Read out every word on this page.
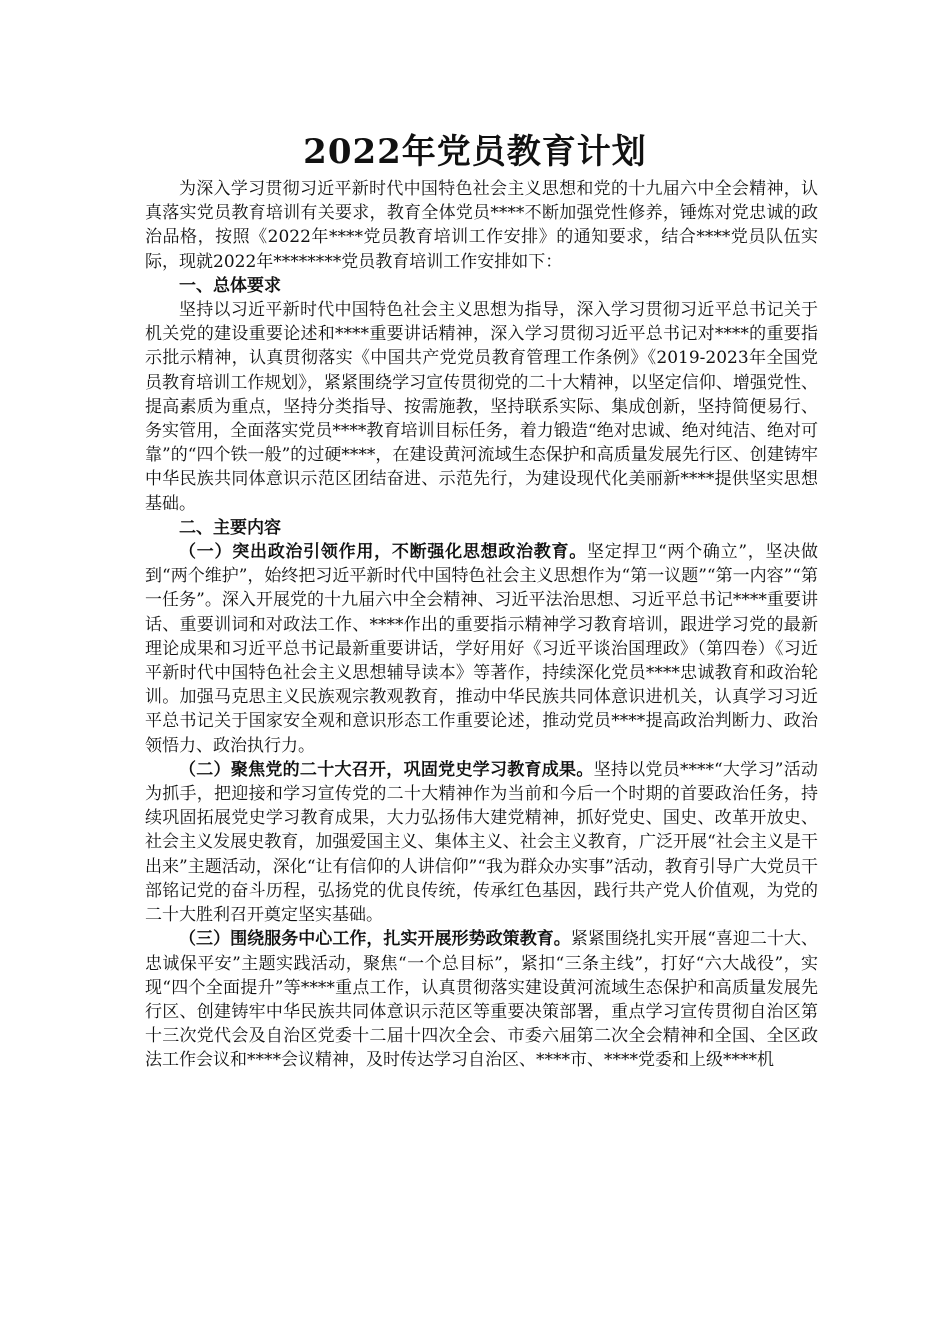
2022年党员教育计划

为深入学习贯彻习近平新时代中国特色社会主义思想和党的十九届六中全会精神，认真落实党员教育培训有关要求，教育全体党员****不断加强党性修养，锤炼对党忠诚的政治品格，按照《2022年****党员教育培训工作安排》的通知要求，结合****党员队伍实际，现就2022年********党员教育培训工作安排如下：

一、总体要求

坚持以习近平新时代中国特色社会主义思想为指导，深入学习贯彻习近平总书记关于机关党的建设重要论述和****重要讲话精神，深入学习贯彻习近平总书记对****的重要指示批示精神，认真贯彻落实《中国共产党党员教育管理工作条例》《2019-2023年全国党员教育培训工作规划》，紧紧围绕学习宣传贯彻党的二十大精神，以坚定信仰、增强党性、提高素质为重点，坚持分类指导、按需施教，坚持联系实际、集成创新，坚持简便易行、务实管用，全面落实党员****教育培训目标任务，着力锻造“绝对忠诚、绝对纯洁、绝对可靠”的“四个铁一般”的过硬****，在建设黄河流域生态保护和高质量发展先行区、创建铸牢中华民族共同体意识示范区团结奋进、示范先行，为建设现代化美丽新****提供坚实思想基础。

二、主要内容

（一）突出政治引领作用，不断强化思想政治教育。坚定捍卫“两个确立”，坚决做到“两个维护”，始终把习近平新时代中国特色社会主义思想作为“第一议题”“第一内容”“第一任务”。深入开展党的十九届六中全会精神、习近平法治思想、习近平总书记****重要讲话、重要训词和对政法工作、****作出的重要指示精神学习教育培训，跟进学习党的最新理论成果和习近平总书记最新重要讲话，学好用好《习近平谈治国理政》（第四卷）《习近平新时代中国特色社会主义思想辅导读本》等著作，持续深化党员****忠诚教育和政治轮训。加强马克思主义民族观宗教观教育，推动中华民族共同体意识进机关，认真学习习近平总书记关于国家安全观和意识形态工作重要论述，推动党员****提高政治判断力、政治领悟力、政治执行力。

（二）聚焦党的二十大召开，巩固党史学习教育成果。坚持以党员****“大学习”活动为抓手，把迎接和学习宣传党的二十大精神作为当前和今后一个时期的首要政治任务，持续巩固拓展党史学习教育成果，大力弘扬伟大建党精神，抓好党史、国史、改革开放史、社会主义发展史教育，加强爱国主义、集体主义、社会主义教育，广泛开展“社会主义是干出来”主题活动，深化“让有信仰的人讲信仰”“我为群众办实事”活动，教育引导广大党员干部铭记党的奋斗历程，弘扬党的优良传统，传承红色基因，践行共产党人价值观，为党的二十大胜利召开奠定坚实基础。

（三）围绕服务中心工作，扎实开展形势政策教育。紧紧围绕扎实开展“喜迎二十大、忠诚保平安”主题实践活动，聚焦“一个总目标”，紧扣“三条主线”，打好“六大战役”，实现“四个全面提升”等****重点工作，认真贯彻落实建设黄河流域生态保护和高质量发展先行区、创建铸牢中华民族共同体意识示范区等重要决策部署，重点学习宣传贯彻自治区第十三次党代会及自治区党委十二届十四次全会、市委六届第二次全会精神和全国、全区政法工作会议和****会议精神，及时传达学习自治区、****市、****党委和上级****机
